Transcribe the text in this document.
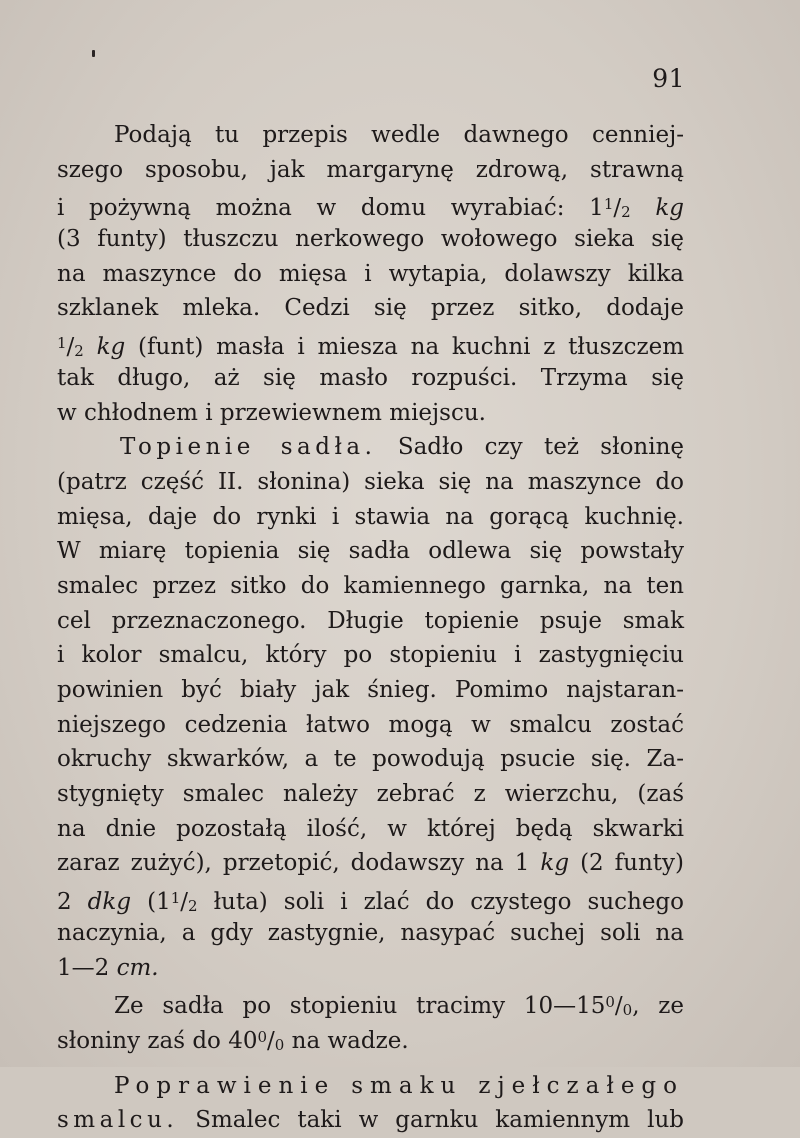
91
Podają tu przepis wedle dawnego cenniej-
szego sposobu, jak margarynę zdrową, strawną
i pożywną można w domu wyrabiać: $1^1/2$ kg
(3 funty) tłuszczu nerkowego wołowego sieka się
na maszynce do mięsa i wytapia, dolawszy kilka
szklanek mleka. Cedzi się przez sitko, dodaje
$^1$/2 kg (funt) masła i miesza na kuchni z tłuszczem
tak długo, aż się masło rozpuści. Trzyma się
w chłodnem i przewiewnem miejscu.
Topienie sadła. Sadło czy też słoninę
(patrz część II. słonina) sieka się na maszynce do
mięsa, daje do rynki i stawia na gorącą kuchnię.
W miarę topienia się sadła odlewa się powstały
smalec przez sitko do kamiennego garnka, na ten
cel przeznaczonego. Długie topienie psuje smak
i kolor smalcu, który po stopieniu i zastygnięciu
powinien być biały jak śnieg. Pomimo najstaran-
niejszego cedzenia łatwo mogą w smalcu zostać
okruchy skwarków, a te powodują psucie się. Za-
stygnięty smalec należy zebrać z wierzchu, (zaś
na dnie pozostałą ilość, w której będą skwarki
zaraz zużyć), przetopić, dodawszy na 1 kg (2 funty)
2 dkg ($1^1/2$ łuta) soli i zlać do czystego suchego
naczynia, a gdy zastygnie, nasypać suchej soli na
1—2 cm.
Ze sadła po stopieniu tracimy $10—15^0/0$, ze
słoniny zaś do $40^0/0$ na wadze.
Poprawienie smaku zjełczałego
smalcu. Smalec taki w garnku kamiennym lub
